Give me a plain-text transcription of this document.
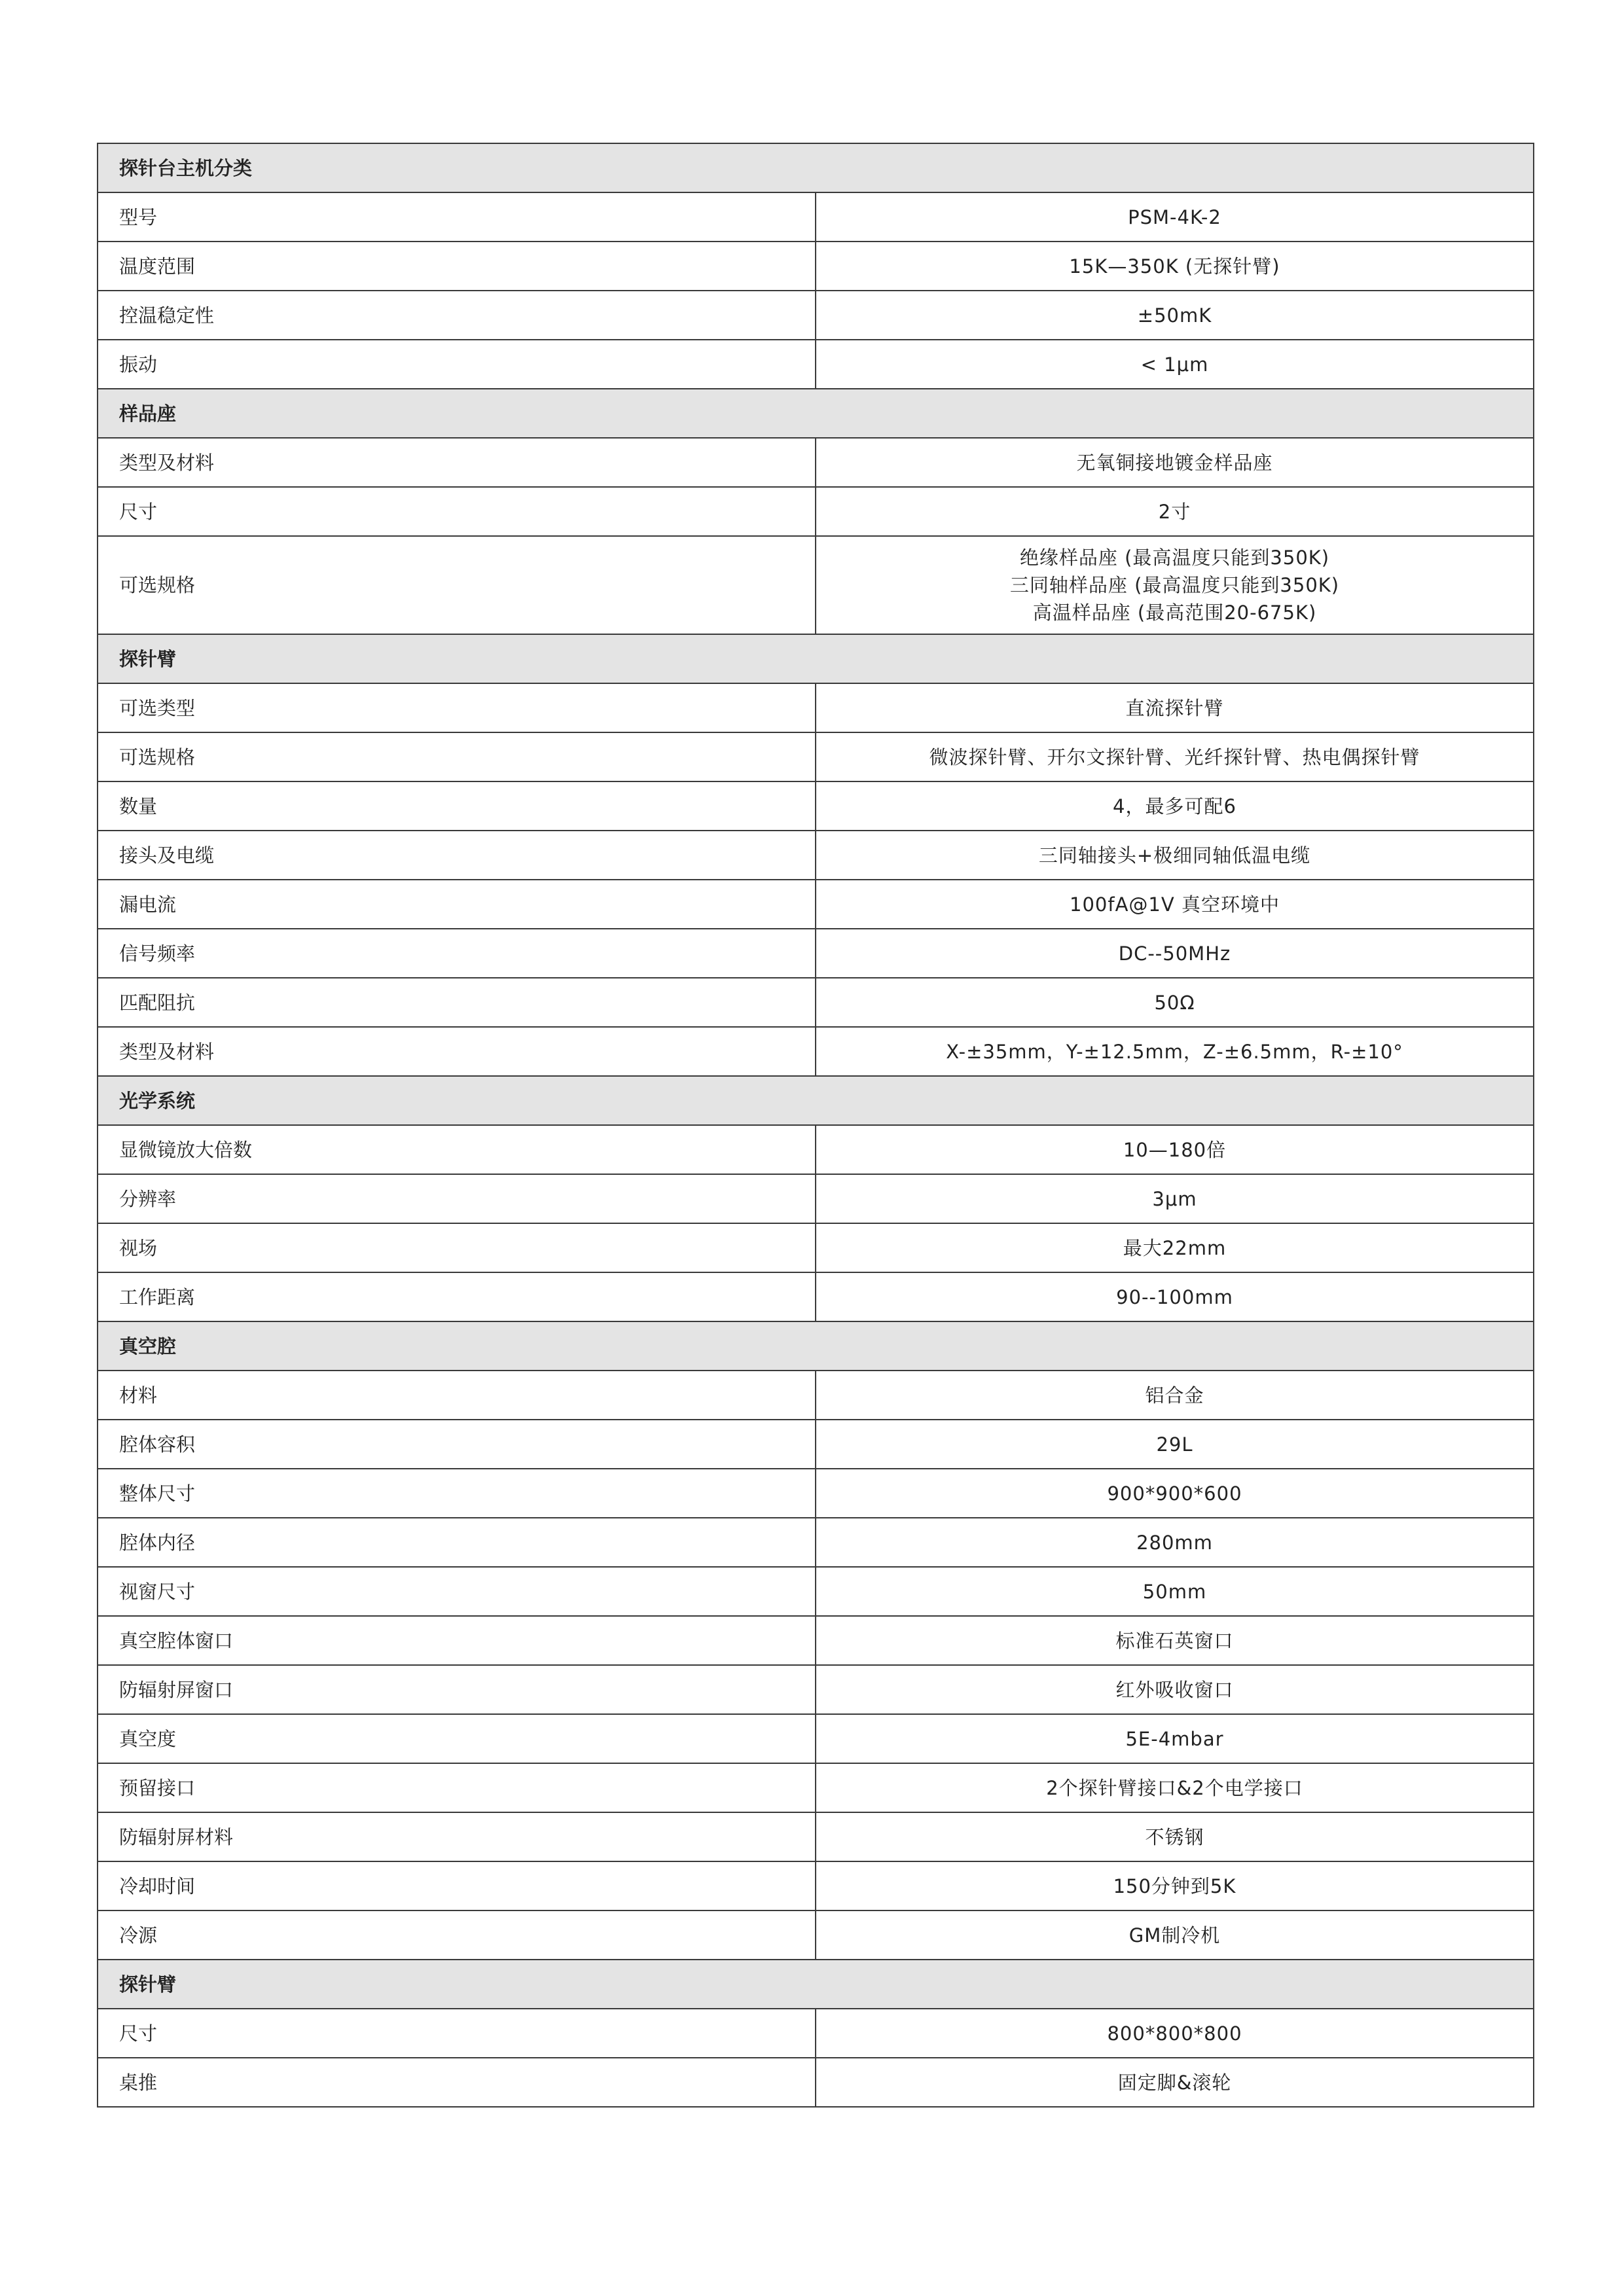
探针台主机分类	
型号	PSM-4K-2
温度范围	15K—350K (无探针臂)
控温稳定性	±50mK
振动	< 1μm
样品座	
类型及材料	无氧铜接地镀金样品座
尺寸	2寸
可选规格	绝缘样品座 (最高温度只能到350K)
三同轴样品座 (最高温度只能到350K)
高温样品座 (最高范围20-675K)

探针臂	
可选类型	直流探针臂
可选规格	微波探针臂、开尔文探针臂、光纤探针臂、热电偶探针臂
数量	4，最多可配6
接头及电缆	三同轴接头+极细同轴低温电缆
漏电流	100fA@1V 真空环境中
信号频率	DC--50MHz
匹配阻抗	50Ω
类型及材料	X-±35mm，Y-±12.5mm，Z-±6.5mm，R-±10°
光学系统	
显微镜放大倍数	10—180倍
分辨率	3μm
视场	最大22mm
工作距离	90--100mm
真空腔	
材料	铝合金
腔体容积	29L
整体尺寸	900*900*600
腔体内径	280mm
视窗尺寸	50mm
真空腔体窗口	标准石英窗口
防辐射屏窗口	红外吸收窗口
真空度	5E-4mbar
预留接口	2个探针臂接口&2个电学接口
防辐射屏材料	不锈钢
冷却时间	150分钟到5K
冷源	GM制冷机
探针臂	
尺寸	800*800*800
桌推	固定脚&滚轮
